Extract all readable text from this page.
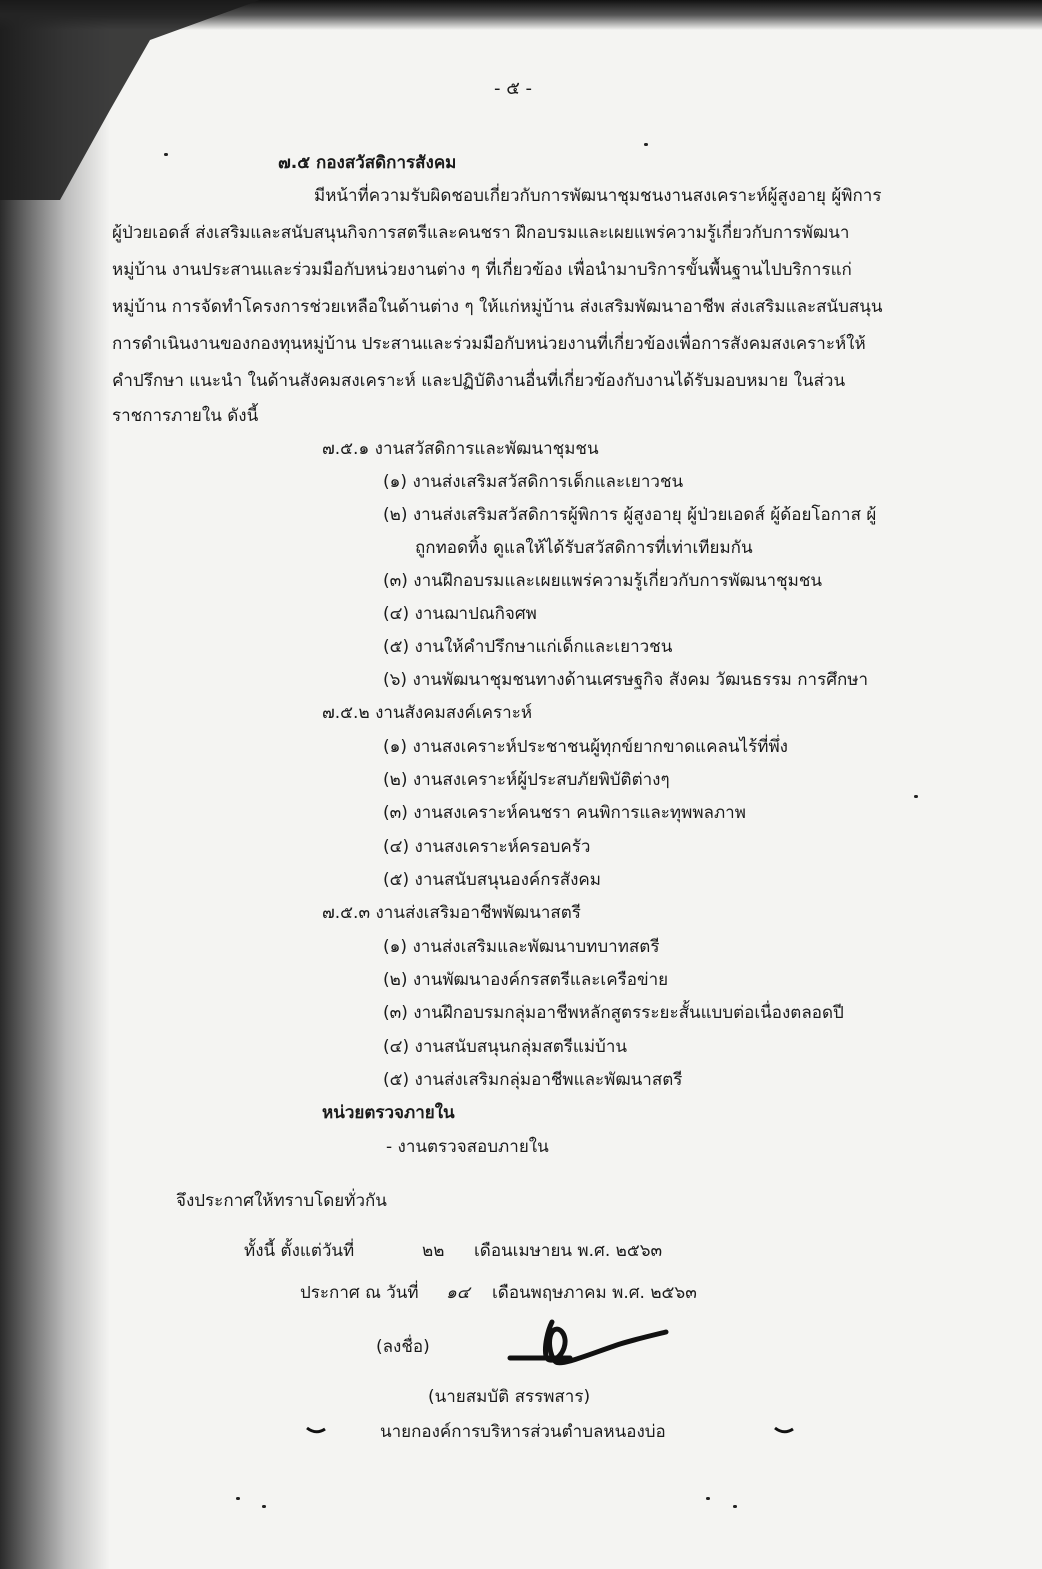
- ๕ -
๗.๕ กองสวัสดิการสังคม
มีหน้าที่ความรับผิดชอบเกี่ยวกับการพัฒนาชุมชนงานสงเคราะห์ผู้สูงอายุ ผู้พิการ
ผู้ป่วยเอดส์ ส่งเสริมและสนับสนุนกิจการสตรีและคนชรา ฝึกอบรมและเผยแพร่ความรู้เกี่ยวกับการพัฒนา
หมู่บ้าน งานประสานและร่วมมือกับหน่วยงานต่าง ๆ ที่เกี่ยวข้อง เพื่อนำมาบริการขั้นพื้นฐานไปบริการแก่
หมู่บ้าน การจัดทำโครงการช่วยเหลือในด้านต่าง ๆ ให้แก่หมู่บ้าน ส่งเสริมพัฒนาอาชีพ ส่งเสริมและสนับสนุน
การดำเนินงานของกองทุนหมู่บ้าน ประสานและร่วมมือกับหน่วยงานที่เกี่ยวข้องเพื่อการสังคมสงเคราะห์ให้
คำปรึกษา แนะนำ ในด้านสังคมสงเคราะห์ และปฏิบัติงานอื่นที่เกี่ยวข้องกับงานได้รับมอบหมาย ในส่วน
ราชการภายใน ดังนี้
๗.๕.๑ งานสวัสดิการและพัฒนาชุมชน
(๑) งานส่งเสริมสวัสดิการเด็กและเยาวชน
(๒) งานส่งเสริมสวัสดิการผู้พิการ ผู้สูงอายุ ผู้ป่วยเอดส์ ผู้ด้อยโอกาส ผู้
ถูกทอดทิ้ง ดูแลให้ได้รับสวัสดิการที่เท่าเทียมกัน
(๓) งานฝึกอบรมและเผยแพร่ความรู้เกี่ยวกับการพัฒนาชุมชน
(๔) งานฌาปณกิจศพ
(๕) งานให้คำปรึกษาแก่เด็กและเยาวชน
(๖) งานพัฒนาชุมชนทางด้านเศรษฐกิจ สังคม วัฒนธรรม การศึกษา
๗.๕.๒ งานสังคมสงค์เคราะห์
(๑) งานสงเคราะห์ประชาชนผู้ทุกข์ยากขาดแคลนไร้ที่พึ่ง
(๒) งานสงเคราะห์ผู้ประสบภัยพิบัติต่างๆ
(๓) งานสงเคราะห์คนชรา คนพิการและทุพพลภาพ
(๔) งานสงเคราะห์ครอบครัว
(๕) งานสนับสนุนองค์กรสังคม
๗.๕.๓ งานส่งเสริมอาชีพพัฒนาสตรี
(๑) งานส่งเสริมและพัฒนาบทบาทสตรี
(๒) งานพัฒนาองค์กรสตรีและเครือข่าย
(๓) งานฝึกอบรมกลุ่มอาชีพหลักสูตรระยะสั้นแบบต่อเนื่องตลอดปี
(๔) งานสนับสนุนกลุ่มสตรีแม่บ้าน
(๕) งานส่งเสริมกลุ่มอาชีพและพัฒนาสตรี
หน่วยตรวจภายใน
- งานตรวจสอบภายใน
จึงประกาศให้ทราบโดยทั่วกัน
ทั้งนี้ ตั้งแต่วันที่	๒๒ เดือนเมษายน พ.ศ. ๒๕๖๓
ประกาศ ณ วันที่ ๑๔ เดือนพฤษภาคม พ.ศ. ๒๕๖๓
(ลงชื่อ)
(นายสมบัติ สรรพสาร)
นายกองค์การบริหารส่วนตำบลหนองบ่อ
